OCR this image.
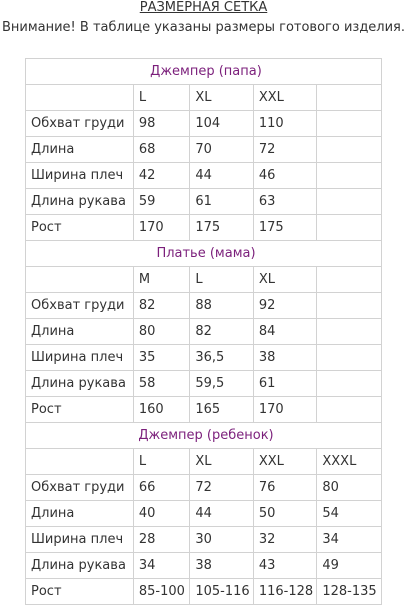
РАЗМЕРНАЯ СЕТКА
Внимание! В таблице указаны размеры готового изделия.
Джемпер (папа)				
	L	XL	XXL	
Обхват груди	98	104	110	
Длина	68	70	72	
Ширина плеч	42	44	46	
Длина рукава	59	61	63	
Рост	170	175	175	
Платье (мама)				
	M	L	XL	
Обхват груди	82	88	92	
Длина	80	82	84	
Ширина плеч	35	36,5	38	
Длина рукава	58	59,5	61	
Рост	160	165	170	
Джемпер (ребенок)				
	L	XL	XXL	XXXL
Обхват груди	66	72	76	80
Длина	40	44	50	54
Ширина плеч	28	30	32	34
Длина рукава	34	38	43	49
Рост	85-100	105-116	116-128	128-135
